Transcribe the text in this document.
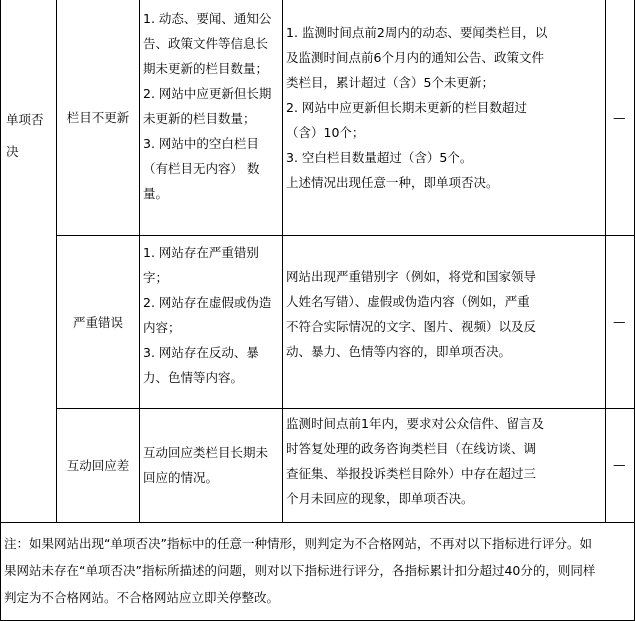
单项否
决
栏目不更新
1. 动态、要闻、通知公
告、政策文件等信息长
期未更新的栏目数量；
2. 网站中应更新但长期
未更新的栏目数量；
3. 网站中的空白栏目
（有栏目无内容） 数
量。
1. 监测时间点前2周内的动态、要闻类栏目，以
及监测时间点前6个月内的通知公告、政策文件
类栏目，累计超过（含）5个未更新；
2. 网站中应更新但长期未更新的栏目数超过
（含）10个；
3. 空白栏目数量超过（含）5个。
上述情况出现任意一种，即单项否决。
—
严重错误
1. 网站存在严重错别
字；
2. 网站存在虚假或伪造
内容；
3. 网站存在反动、暴
力、色情等内容。
网站出现严重错别字（例如，将党和国家领导
人姓名写错）、虚假或伪造内容（例如，严重
不符合实际情况的文字、图片、视频）以及反
动、暴力、色情等内容的，即单项否决。
—
互动回应差
互动回应类栏目长期未
回应的情况。
监测时间点前1年内，要求对公众信件、留言及
时答复处理的政务咨询类栏目（在线访谈、调
查征集、举报投诉类栏目除外）中存在超过三
个月未回应的现象，即单项否决。
—
注：如果网站出现“单项否决”指标中的任意一种情形，则判定为不合格网站，不再对以下指标进行评分。如
果网站未存在“单项否决”指标所描述的问题，则对以下指标进行评分，各指标累计扣分超过40分的，则同样
判定为不合格网站。不合格网站应立即关停整改。
